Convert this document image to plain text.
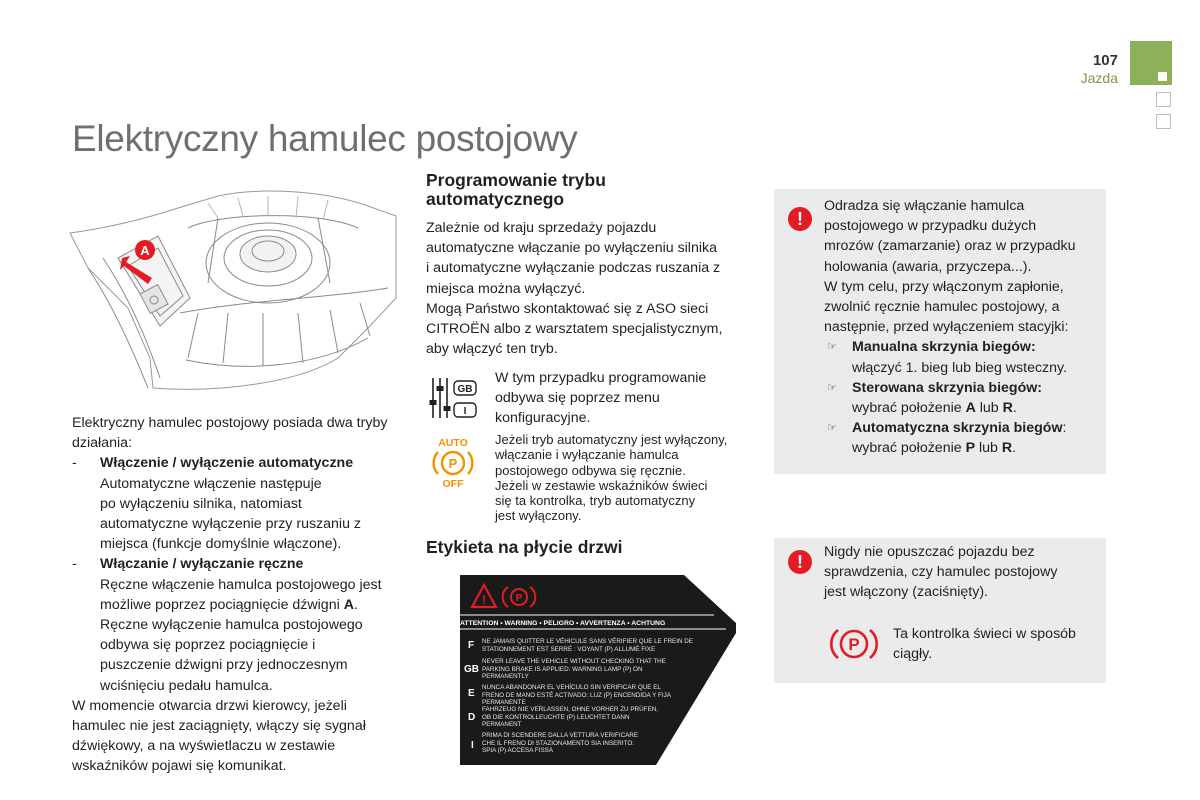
107
Jazda
Elektryczny hamulec postojowy
A
Elektryczny hamulec postojowy posiada dwa tryby działania:
- Włączenie / wyłączenie automatyczne
Automatyczne włączenie następuje
po wyłączeniu silnika, natomiast
automatyczne wyłączenie przy ruszaniu z
miejsca (funkcje domyślnie włączone).
- Włączanie / wyłączanie ręczne
Ręczne włączenie hamulca postojowego jest
możliwe poprzez pociągnięcie dźwigni A.
Ręczne wyłączenie hamulca postojowego
odbywa się poprzez pociągnięcie i
puszczenie dźwigni przy jednoczesnym
wciśnięciu pedału hamulca.
W momencie otwarcia drzwi kierowcy, jeżeli
hamulec nie jest zaciągnięty, włączy się sygnał
dźwiękowy, a na wyświetlaczu w zestawie
wskaźników pojawi się komunikat.
Programowanie trybu
automatycznego
Zależnie od kraju sprzedaży pojazdu
automatyczne włączanie po wyłączeniu silnika
i automatyczne wyłączanie podczas ruszania z
miejsca można wyłączyć.
Mogą Państwo skontaktować się z ASO sieci
CITROËN albo z warsztatem specjalistycznym,
aby włączyć ten tryb.
GB
I
W tym przypadku programowanie
odbywa się poprzez menu
konfiguracyjne.
AUTO
P
OFF
Jeżeli tryb automatyczny jest wyłączony,
włączanie i wyłączanie hamulca
postojowego odbywa się ręcznie.
Jeżeli w zestawie wskaźników świeci
się ta kontrolka, tryb automatyczny
jest wyłączony.
Etykieta na płycie drzwi
!	P
ATTENTION • WARNING • PELIGRO • AVVERTENZA • ACHTUNG
F NE JAMAIS QUITTER LE VÉHICULE SANS VÉRIFIER QUE LE FREIN DE
STATIONNEMENT EST SERRÉ : VOYANT (P) ALLUMÉ FIXE
GB
NEVER LEAVE THE VEHICLE WITHOUT CHECKING THAT THE
PARKING BRAKE IS APPLIED: WARNING LAMP (P) ON
PERMANENTLY
E
NUNCA ABANDONAR EL VEHÍCULO SIN VERIFICAR QUE EL
FRENO DE MANO ESTÉ ACTIVADO: LUZ (P) ENCENDIDA Y FIJA
PERMANENTE
D
FAHRZEUG NIE VERLASSEN, OHNE VORHER ZU PRÜFEN,
OB DIE KONTROLLEUCHTE (P) LEUCHTET DANN
PERMANENT
I
PRIMA DI SCENDERE DALLA VETTURA VERIFICARE
CHE IL FRENO DI STAZIONAMENTO SIA INSERITO:
SPIA (P) ACCESA FISSA
!
Odradza się włączanie hamulca
postojowego w przypadku dużych
mrozów (zamarzanie) oraz w przypadku
holowania (awaria, przyczepa...).
W tym celu, przy włączonym zapłonie,
zwolnić ręcznie hamulec postojowy, a
następnie, przed wyłączeniem stacyjki:
☞ Manualna skrzynia biegów:
włączyć 1. bieg lub bieg wsteczny.
☞ Sterowana skrzynia biegów:
wybrać położenie A lub R.
☞ Automatyczna skrzynia biegów:
wybrać położenie P lub R.
!	Nigdy nie opuszczać pojazdu bez
sprawdzenia, czy hamulec postojowy
jest włączony (zaciśnięty).
P
Ta kontrolka świeci w sposób
ciągły.
